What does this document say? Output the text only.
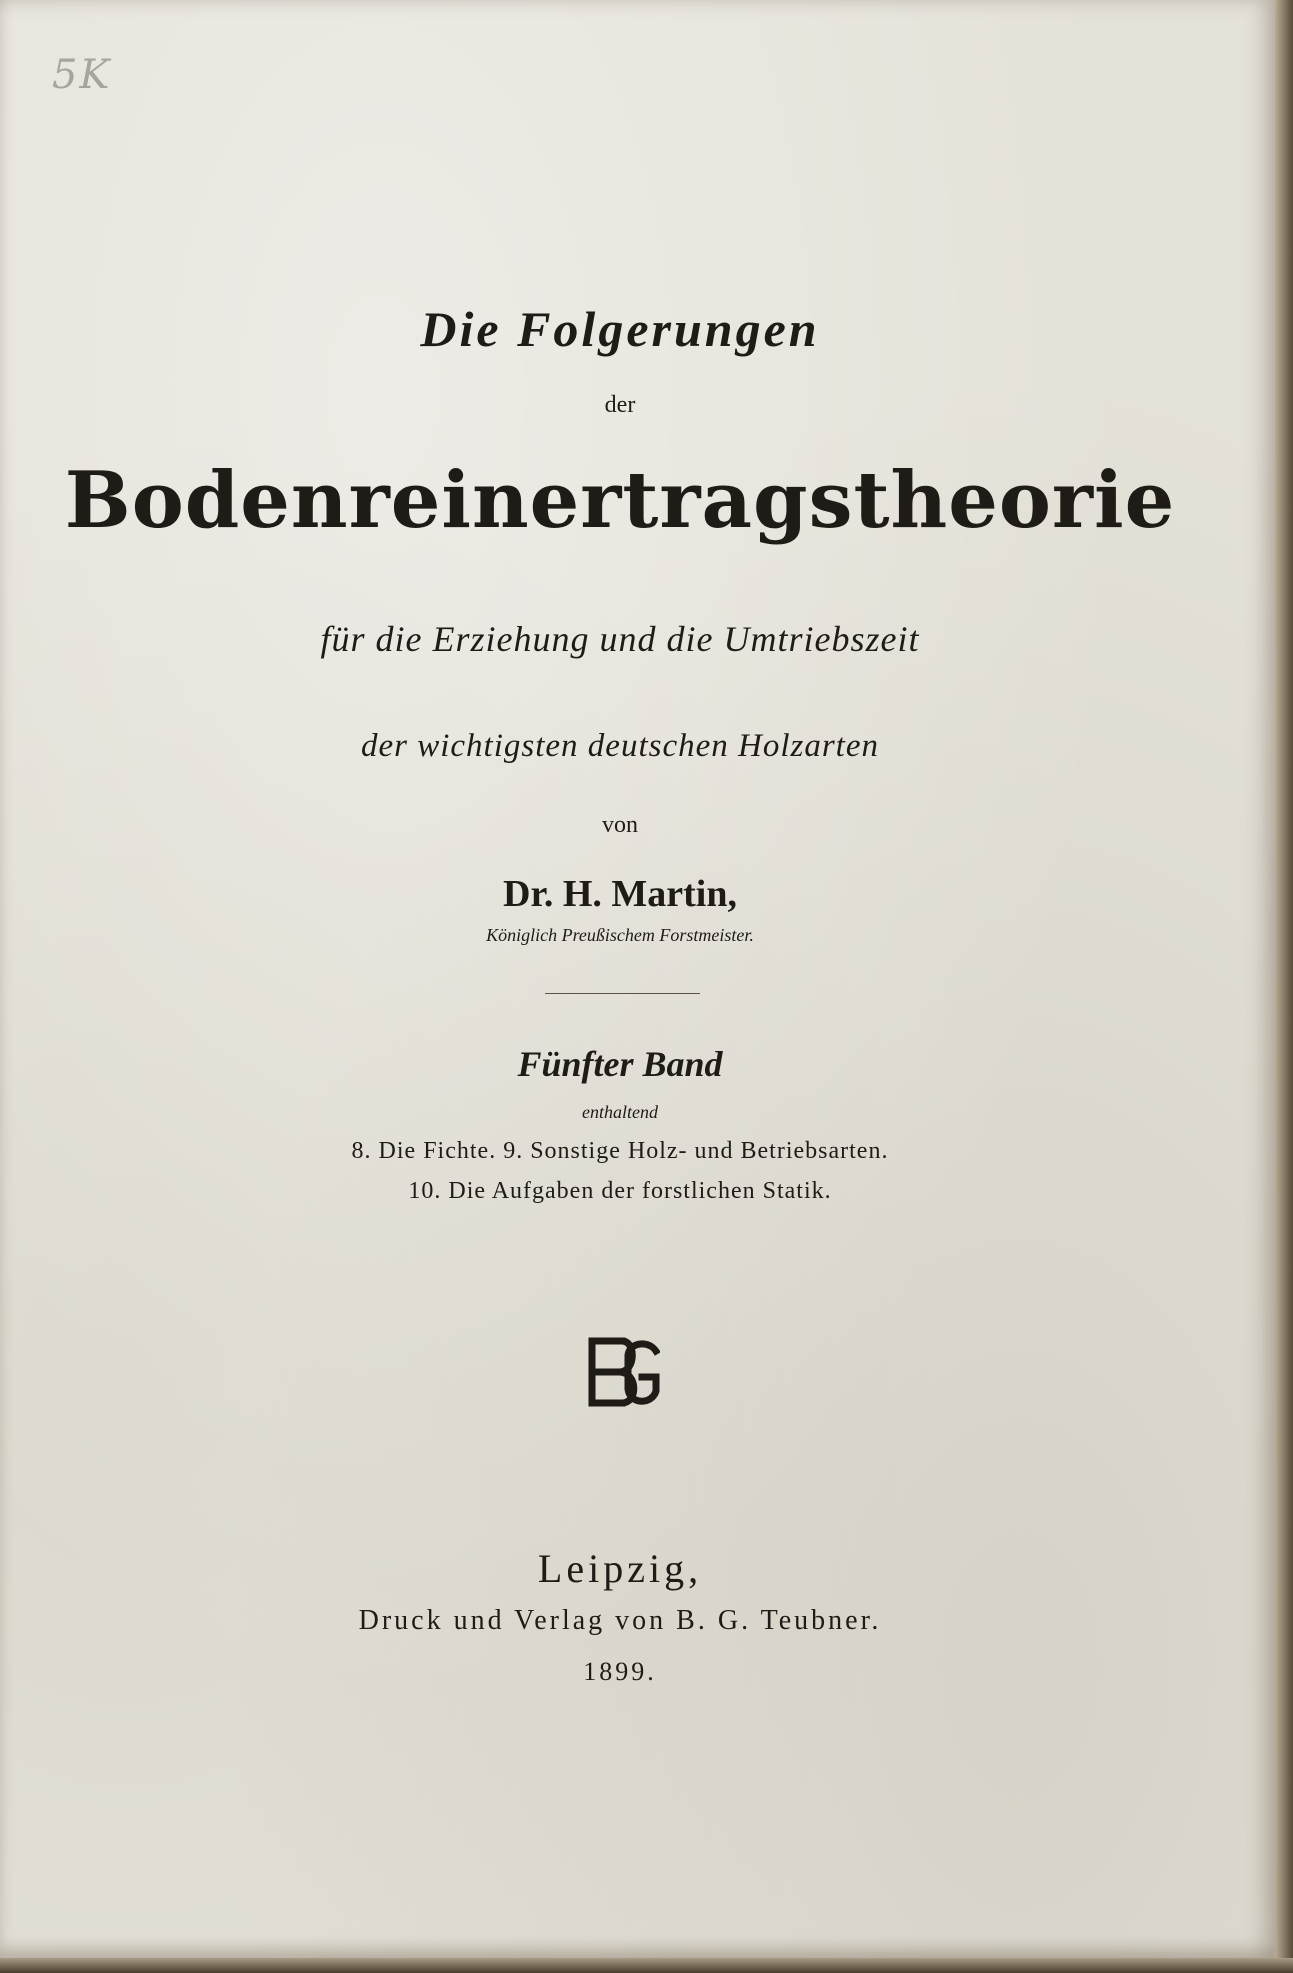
5K
Die Folgerungen
der
Bodenreinertragstheorie
für die Erziehung und die Umtriebszeit
der wichtigsten deutschen Holzarten
von
Dr. H. Martin,
Königlich Preußischem Forstmeister.
Fünfter Band
enthaltend
8. Die Fichte. 9. Sonstige Holz- und Betriebsarten.
10. Die Aufgaben der forstlichen Statik.
Leipzig,
Druck und Verlag von B. G. Teubner.
1899.
